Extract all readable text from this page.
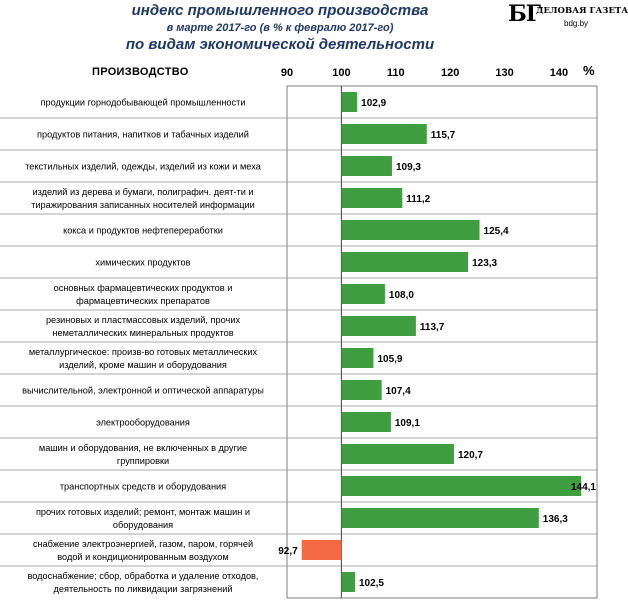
индекс промышленного производства
в марте 2017-го (в % к февралю 2017-го)
по видам экономической деятельности
БГ
ДЕЛОВАЯ ГАЗЕТА
bdg.by
ПРОИЗВОДСТВО	%
90	100	110	120	130	140
102,9
продукции горнодобывающей промышленности
115,7
продуктов питания, напитков и табачных изделий
109,3
текстильных изделий, одежды, изделий из кожи и меха
111,2
изделий из дерева и бумаги, полиграфич. деят-ти и
тиражирования записанных носителей информации
125,4
кокса и продуктов нефтепереработки
123,3
химических продуктов
108,0
основных фармацевтических продуктов и
фармацевтических препаратов
113,7
резиновых и пластмассовых изделий, прочих
неметаллических минеральных продуктов
105,9
металлургическое: произв-во готовых металлических
изделий, кроме машин и оборудования
107,4
вычислительной, электронной и оптической аппаратуры
109,1
электрооборудования
120,7
машин и оборудования, не включенных в другие
группировки
144,1
транспортных средств и оборудования
136,3
прочих готовых изделий; ремонт, монтаж машин и
оборудования
92,7
снабжение электроэнергией, газом, паром, горячей
водой и кондиционированным воздухом
102,5
водоснабжение; сбор, обработка и удаление отходов,
деятельность по ликвидации загрязнений
